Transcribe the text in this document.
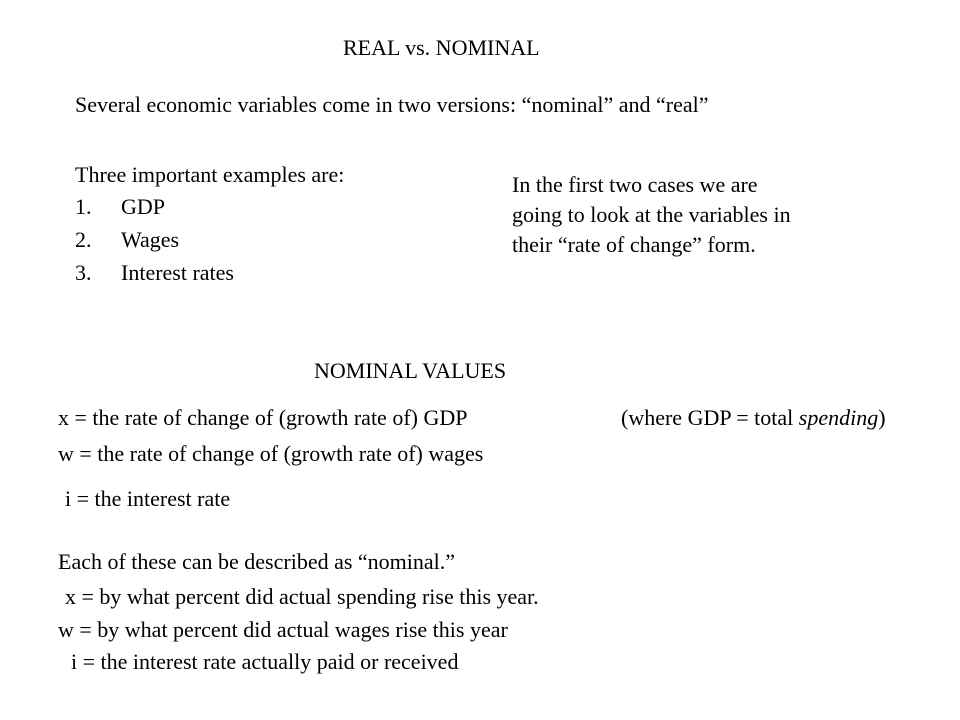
REAL vs. NOMINAL
Several economic variables come in two versions: “nominal” and “real”
Three important examples are:
1. GDP
2. Wages
3. Interest rates
In the first two cases we are
going to look at the variables in
their “rate of change” form.
NOMINAL VALUES
x = the rate of change of (growth rate of) GDP	(where GDP = total spending)
w = the rate of change of (growth rate of) wages
i = the interest rate
Each of these can be described as “nominal.”
x = by what percent did actual spending rise this year.
w = by what percent did actual wages rise this year
i = the interest rate actually paid or received
